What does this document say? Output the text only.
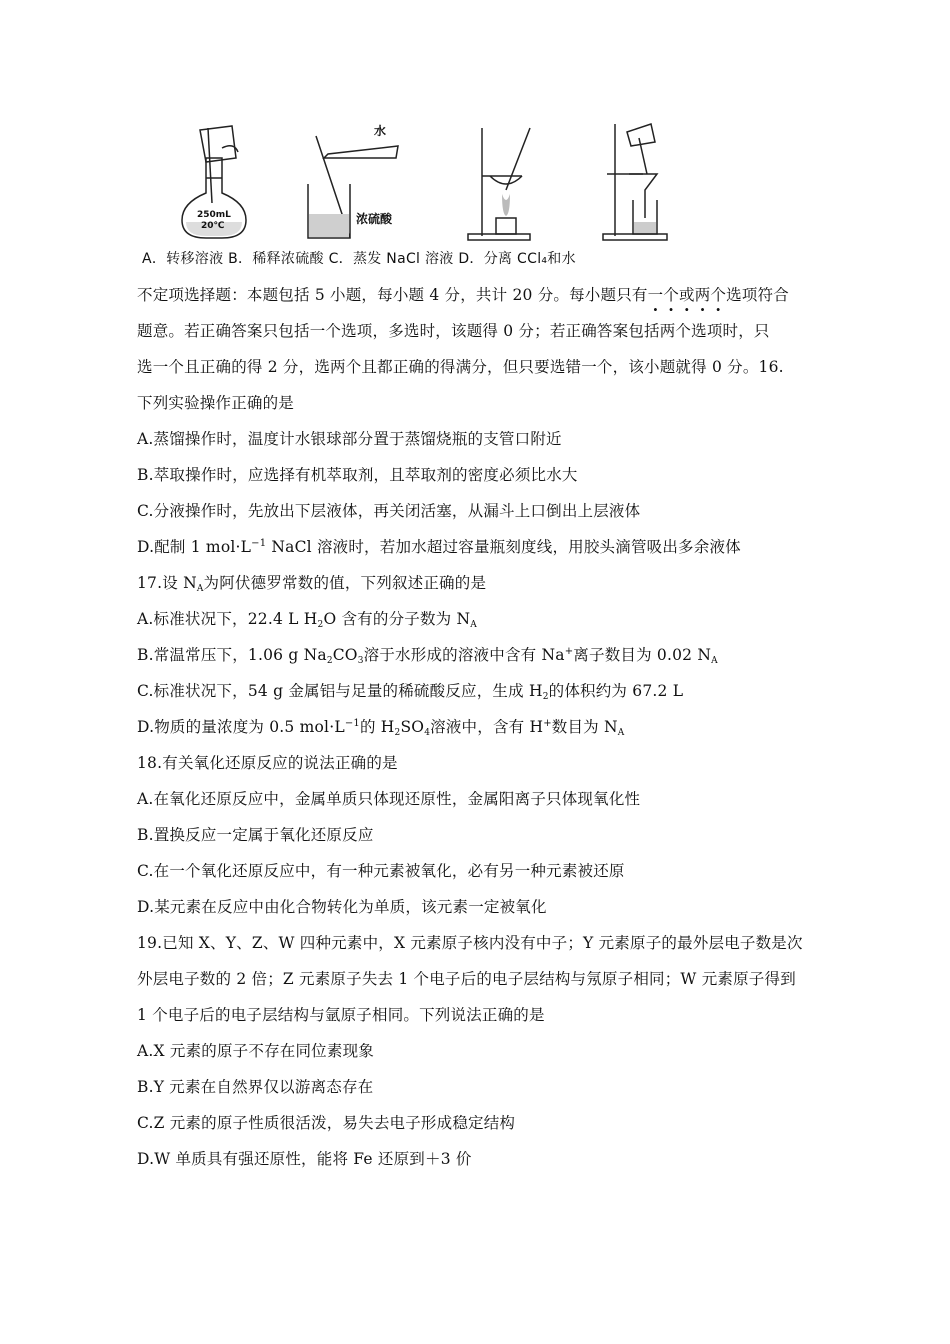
250mL
20℃
水
浓硫酸
A．转移溶液 B．稀释浓硫酸 C．蒸发 NaCl 溶液 D．分离 CCl₄和水
不定项选择题：本题包括 5 小题，每小题 4 分，共计 20 分。每小题只有一个或两个选项符合
题意。若正确答案只包括一个选项，多选时，该题得 0 分；若正确答案包括两个选项时，只
选一个且正确的得 2 分，选两个且都正确的得满分，但只要选错一个，该小题就得 0 分。16.
下列实验操作正确的是
A.蒸馏操作时，温度计水银球部分置于蒸馏烧瓶的支管口附近
B.萃取操作时，应选择有机萃取剂，且萃取剂的密度必须比水大
C.分液操作时，先放出下层液体，再关闭活塞，从漏斗上口倒出上层液体
D.配制 1 $mol\cdot L^{-1}$ NaCl 溶液时，若加水超过容量瓶刻度线，用胶头滴管吸出多余液体
17.设 $N_A$为阿伏德罗常数的值，下列叙述正确的是
A.标准状况下，22.4 L $H_2O$ 含有的分子数为 $N_A$
B.常温常压下，1.06 g $Na_2CO_3$溶于水形成的溶液中含有 Na+离子数目为 0.02 $N_A$
C.标准状况下，54 g 金属铝与足量的稀硫酸反应，生成 $H_2$的体积约为 67.2 L
D.物质的量浓度为 0.5 $mol\cdot L^{-1}$的 $H_2SO_4$溶液中，含有 H+数目为 $N_A$
18.有关氧化还原反应的说法正确的是
A.在氧化还原反应中，金属单质只体现还原性，金属阳离子只体现氧化性
B.置换反应一定属于氧化还原反应
C.在一个氧化还原反应中，有一种元素被氧化，必有另一种元素被还原
D.某元素在反应中由化合物转化为单质，该元素一定被氧化
19.已知 X、Y、Z、W 四种元素中，X 元素原子核内没有中子；Y 元素原子的最外层电子数是次
外层电子数的 2 倍；Z 元素原子失去 1 个电子后的电子层结构与氖原子相同；W 元素原子得到
1 个电子后的电子层结构与氩原子相同。下列说法正确的是
A.X 元素的原子不存在同位素现象
B.Y 元素在自然界仅以游离态存在
C.Z 元素的原子性质很活泼，易失去电子形成稳定结构
D.W 单质具有强还原性，能将 Fe 还原到＋3 价
